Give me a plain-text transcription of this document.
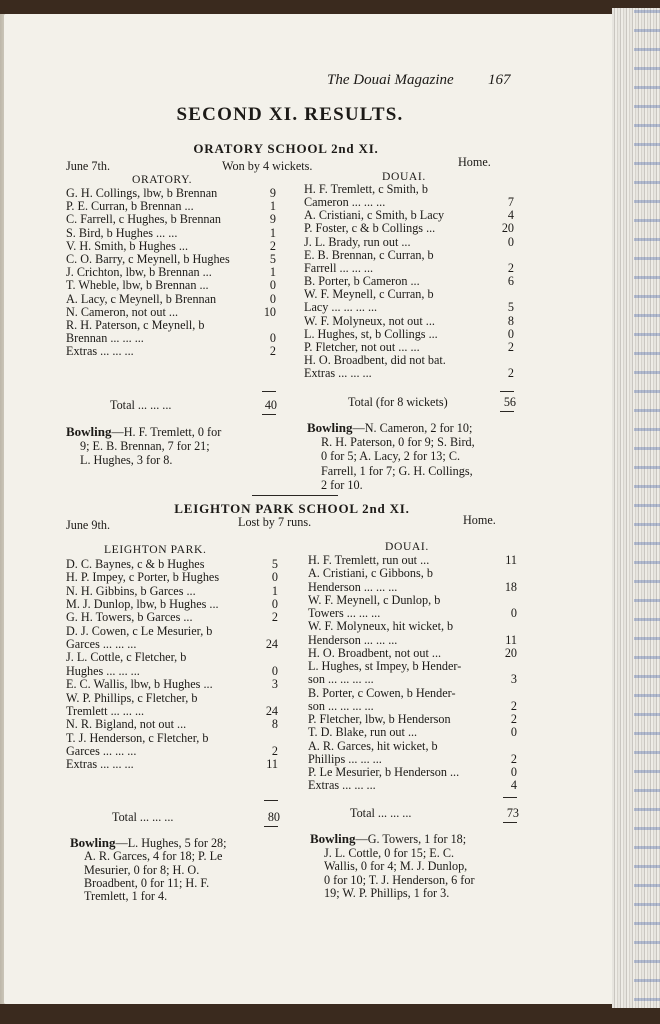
The Douai Magazine 167
SECOND XI. RESULTS.
ORATORY SCHOOL 2nd XI.
June 7th.	Won by 4 wickets.	Home.
ORATORY.	DOUAI.
G. H. Collings, lbw, b Brennan	9
P. E. Curran, b Brennan ...	1
C. Farrell, c Hughes, b Brennan	9
S. Bird, b Hughes ... ...	1
V. H. Smith, b Hughes ...	2
C. O. Barry, c Meynell, b Hughes	5
J. Crichton, lbw, b Brennan ...	1
T. Wheble, lbw, b Brennan ...	0
A. Lacy, c Meynell, b Brennan	0
N. Cameron, not out ...	10
R. H. Paterson, c Meynell, b
Brennan ... ... ...	0
Extras ... ... ...	2
H. F. Tremlett, c Smith, b
Cameron ... ... ...	7
A. Cristiani, c Smith, b Lacy	4
P. Foster, c & b Collings ...	20
J. L. Brady, run out ...	0
E. B. Brennan, c Curran, b
Farrell ... ... ...	2
B. Porter, b Cameron ...	6
W. F. Meynell, c Curran, b
Lacy ... ... ... ...	5
W. F. Molyneux, not out ...	8
L. Hughes, st, b Collings ...	0
P. Fletcher, not out ... ...	2
H. O. Broadbent, did not bat.
Extras ... ... ...	2
Total ... ... ...	40	Total (for 8 wickets)	56
Bowling—H. F. Tremlett, 0 for
9; E. B. Brennan, 7 for 21;
L. Hughes, 3 for 8.
Bowling—N. Cameron, 2 for 10;
R. H. Paterson, 0 for 9; S. Bird,
0 for 5; A. Lacy, 2 for 13; C.
Farrell, 1 for 7; G. H. Collings,
2 for 10.
LEIGHTON PARK SCHOOL 2nd XI.
June 9th.	Lost by 7 runs.	Home.
LEIGHTON PARK.	DOUAI.
D. C. Baynes, c & b Hughes	5
H. P. Impey, c Porter, b Hughes	0
N. H. Gibbins, b Garces ...	1
M. J. Dunlop, lbw, b Hughes ...	0
G. H. Towers, b Garces ...	2
D. J. Cowen, c Le Mesurier, b
Garces ... ... ...	24
J. L. Cottle, c Fletcher, b
Hughes ... ... ...	0
E. C. Wallis, lbw, b Hughes ...	3
W. P. Phillips, c Fletcher, b
Tremlett ... ... ...	24
N. R. Bigland, not out ...	8
T. J. Henderson, c Fletcher, b
Garces ... ... ...	2
Extras ... ... ...	11
H. F. Tremlett, run out ...	11
A. Cristiani, c Gibbons, b
Henderson ... ... ...	18
W. F. Meynell, c Dunlop, b
Towers ... ... ...	0
W. F. Molyneux, hit wicket, b
Henderson ... ... ...	11
H. O. Broadbent, not out ...	20
L. Hughes, st Impey, b Hender-
son ... ... ... ...	3
B. Porter, c Cowen, b Hender-
son ... ... ... ...	2
P. Fletcher, lbw, b Henderson	2
T. D. Blake, run out ...	0
A. R. Garces, hit wicket, b
Phillips ... ... ...	2
P. Le Mesurier, b Henderson ...	0
Extras ... ... ...	4
Total ... ... ...	80	Total ... ... ...	73
Bowling—L. Hughes, 5 for 28;
A. R. Garces, 4 for 18; P. Le
Mesurier, 0 for 8; H. O.
Broadbent, 0 for 11; H. F.
Tremlett, 1 for 4.
Bowling—G. Towers, 1 for 18;
J. L. Cottle, 0 for 15; E. C.
Wallis, 0 for 4; M. J. Dunlop,
0 for 10; T. J. Henderson, 6 for
19; W. P. Phillips, 1 for 3.
